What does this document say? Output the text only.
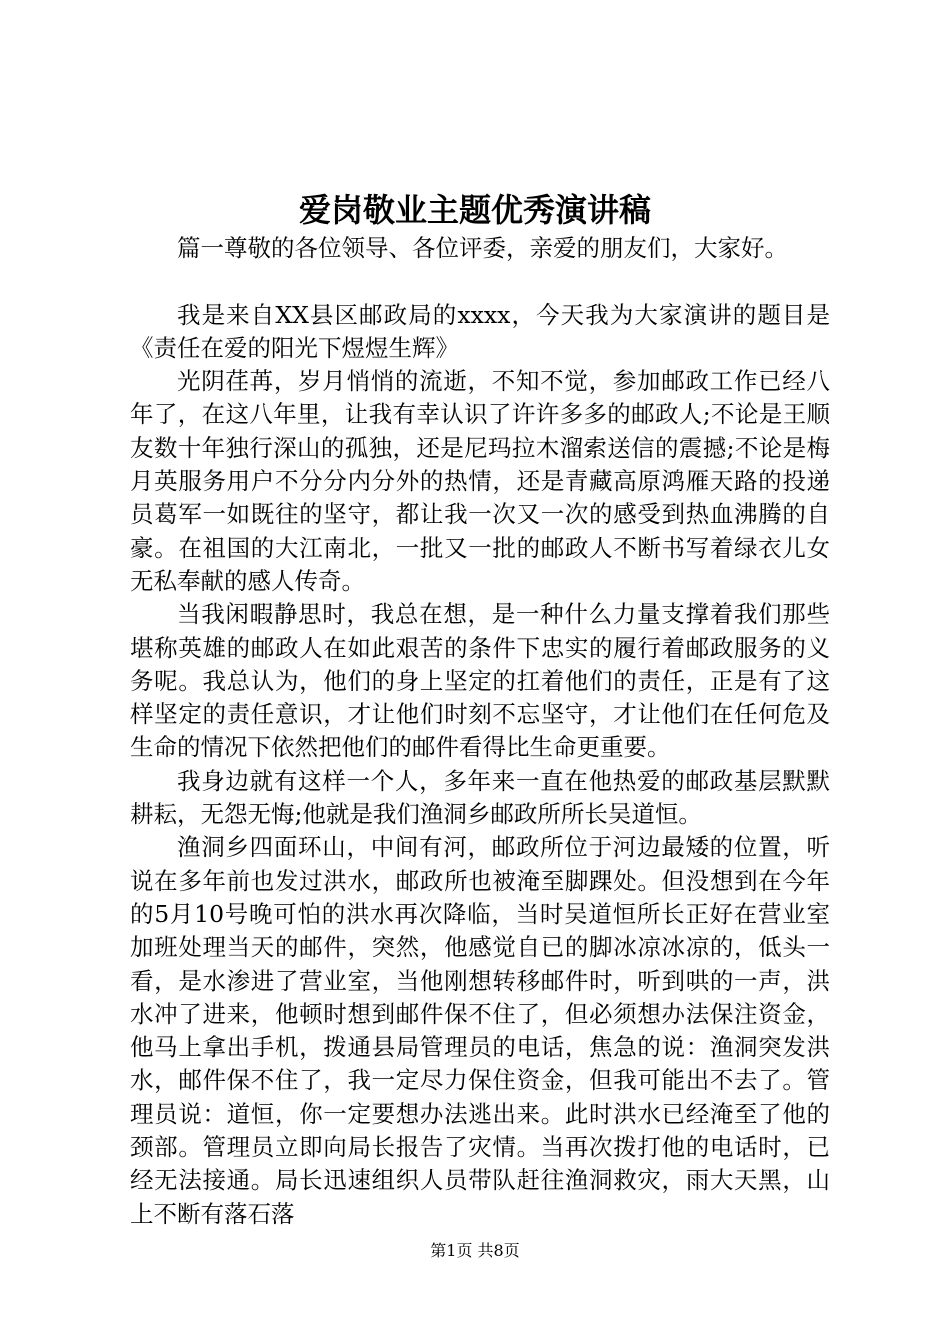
爱岗敬业主题优秀演讲稿

篇一尊敬的各位领导、各位评委，亲爱的朋友们，大家好。

我是来自XX县区邮政局的xxxx，今天我为大家演讲的题目是《责任在爱的阳光下煜煜生辉》

光阴荏苒，岁月悄悄的流逝，不知不觉，参加邮政工作已经八年了，在这八年里，让我有幸认识了许许多多的邮政人;不论是王顺友数十年独行深山的孤独，还是尼玛拉木溜索送信的震撼;不论是梅月英服务用户不分分内分外的热情，还是青藏高原鸿雁天路的投递员葛军一如既往的坚守，都让我一次又一次的感受到热血沸腾的自豪。在祖国的大江南北，一批又一批的邮政人不断书写着绿衣儿女无私奉献的感人传奇。

当我闲暇静思时，我总在想，是一种什么力量支撑着我们那些堪称英雄的邮政人在如此艰苦的条件下忠实的履行着邮政服务的义务呢。我总认为，他们的身上坚定的扛着他们的责任，正是有了这样坚定的责任意识，才让他们时刻不忘坚守，才让他们在任何危及生命的情况下依然把他们的邮件看得比生命更重要。

我身边就有这样一个人，多年来一直在他热爱的邮政基层默默耕耘，无怨无悔;他就是我们渔洞乡邮政所所长吴道恒。

渔洞乡四面环山，中间有河，邮政所位于河边最矮的位置，听说在多年前也发过洪水，邮政所也被淹至脚踝处。但没想到在今年的5月10号晚可怕的洪水再次降临，当时吴道恒所长正好在营业室加班处理当天的邮件，突然，他感觉自已的脚冰凉冰凉的，低头一看，是水渗进了营业室，当他刚想转移邮件时，听到哄的一声，洪水冲了进来，他顿时想到邮件保不住了，但必须想办法保注资金，他马上拿出手机，拨通县局管理员的电话，焦急的说：渔洞突发洪水，邮件保不住了，我一定尽力保住资金，但我可能出不去了。管理员说：道恒，你一定要想办法逃出来。此时洪水已经淹至了他的颈部。管理员立即向局长报告了灾情。当再次拨打他的电话时，已经无法接通。局长迅速组织人员带队赶往渔洞救灾，雨大天黑，山上不断有落石落

第1页 共8页
